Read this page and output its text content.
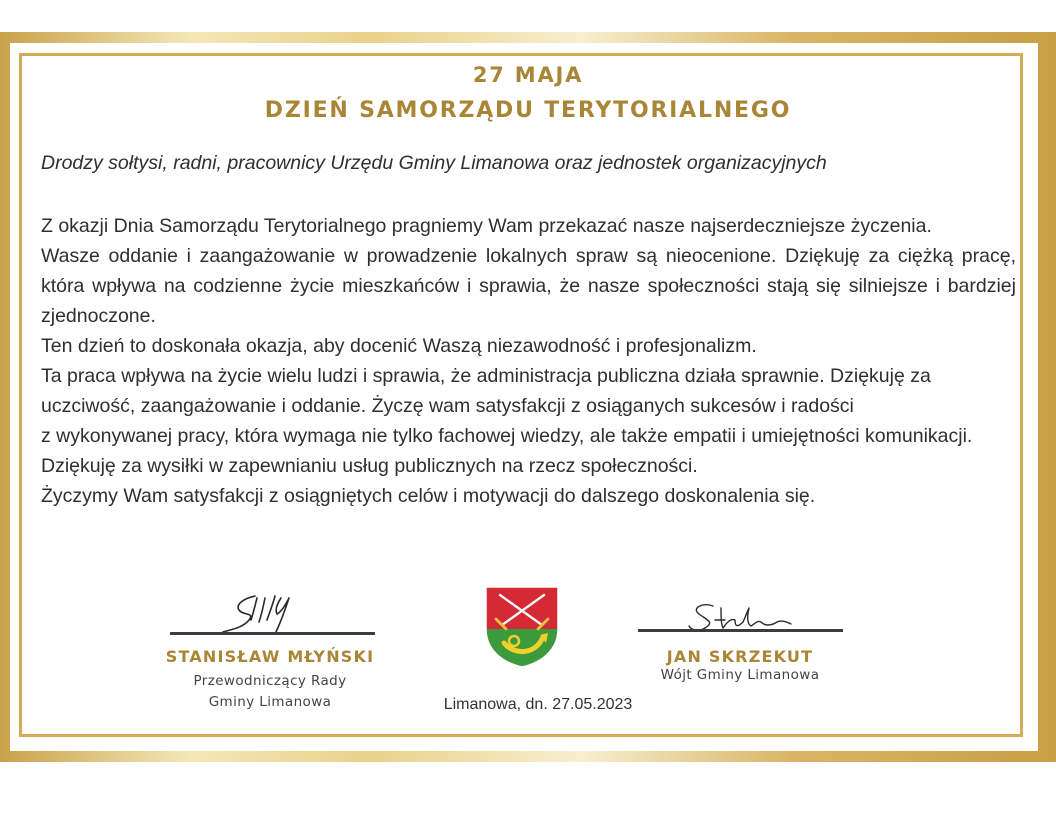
27 MAJA
DZIEŃ SAMORZĄDU TERYTORIALNEGO

Drodzy sołtysi, radni, pracownicy Urzędu Gminy Limanowa oraz jednostek organizacyjnych

Z okazji Dnia Samorządu Terytorialnego pragniemy Wam przekazać nasze najserdeczniejsze życzenia.

Wasze oddanie i zaangażowanie w prowadzenie lokalnych spraw są nieocenione. Dziękuję za ciężką pracę, która wpływa na codzienne życie mieszkańców i sprawia, że nasze społeczności stają się silniejsze i bardziej zjednoczone.

Ten dzień to doskonała okazja, aby docenić Waszą niezawodność i profesjonalizm.

Ta praca wpływa na życie wielu ludzi i sprawia, że administracja publiczna działa sprawnie. Dziękuję za uczciwość, zaangażowanie i oddanie. Życzę wam satysfakcji z osiąganych sukcesów i radości

z wykonywanej pracy, która wymaga nie tylko fachowej wiedzy, ale także empatii i umiejętności komunikacji.

Dziękuję za wysiłki w zapewnianiu usług publicznych na rzecz społeczności.

Życzymy Wam satysfakcji z osiągniętych celów i motywacji do dalszego doskonalenia się.

STANISŁAW MŁYŃSKI
Przewodniczący Rady
Gminy Limanowa
JAN SKRZEKUT
Wójt Gminy Limanowa
Limanowa, dn. 27.05.2023
